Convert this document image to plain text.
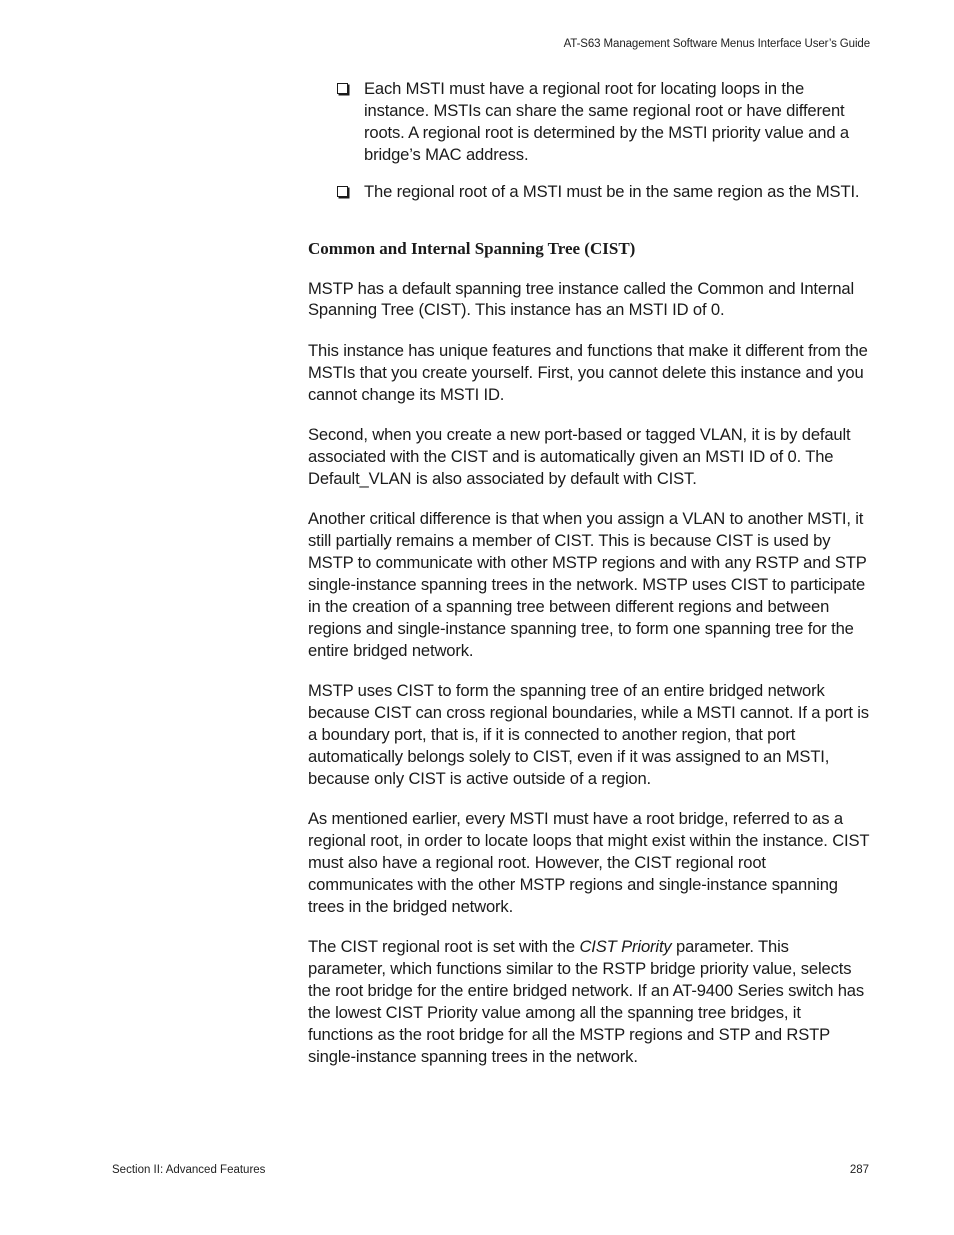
AT-S63 Management Software Menus Interface User’s Guide
Each MSTI must have a regional root for locating loops in the instance. MSTIs can share the same regional root or have different roots. A regional root is determined by the MSTI priority value and a bridge’s MAC address.
The regional root of a MSTI must be in the same region as the MSTI.
Common and Internal Spanning Tree (CIST)

MSTP has a default spanning tree instance called the Common and Internal Spanning Tree (CIST). This instance has an MSTI ID of 0.

This instance has unique features and functions that make it different from the MSTIs that you create yourself. First, you cannot delete this instance and you cannot change its MSTI ID.

Second, when you create a new port-based or tagged VLAN, it is by default associated with the CIST and is automatically given an MSTI ID of 0. The Default_VLAN is also associated by default with CIST.

Another critical difference is that when you assign a VLAN to another MSTI, it still partially remains a member of CIST. This is because CIST is used by MSTP to communicate with other MSTP regions and with any RSTP and STP single-instance spanning trees in the network. MSTP uses CIST to participate in the creation of a spanning tree between different regions and between regions and single-instance spanning tree, to form one spanning tree for the entire bridged network.

MSTP uses CIST to form the spanning tree of an entire bridged network because CIST can cross regional boundaries, while a MSTI cannot. If a port is a boundary port, that is, if it is connected to another region, that port automatically belongs solely to CIST, even if it was assigned to an MSTI, because only CIST is active outside of a region.

As mentioned earlier, every MSTI must have a root bridge, referred to as a regional root, in order to locate loops that might exist within the instance. CIST must also have a regional root. However, the CIST regional root communicates with the other MSTP regions and single-instance spanning trees in the bridged network.

The CIST regional root is set with the CIST Priority parameter. This parameter, which functions similar to the RSTP bridge priority value, selects the root bridge for the entire bridged network. If an AT-9400 Series switch has the lowest CIST Priority value among all the spanning tree bridges, it functions as the root bridge for all the MSTP regions and STP and RSTP single-instance spanning trees in the network.

Section II: Advanced Features	287
